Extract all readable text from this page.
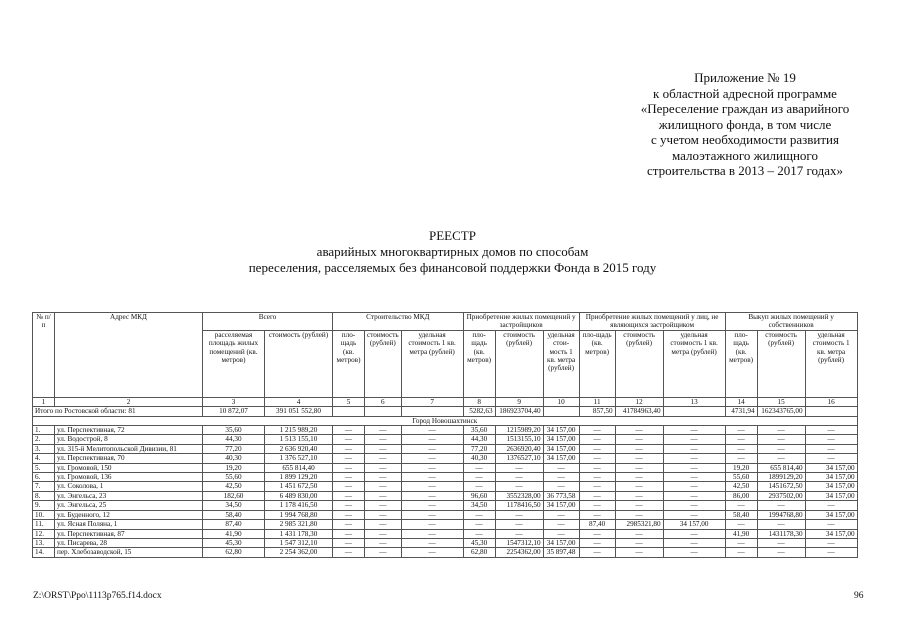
Приложение № 19
к областной адресной программе
«Переселение граждан из аварийного
жилищного фонда, в том числе
с учетом необходимости развития
малоэтажного жилищного
строительства в 2013 – 2017 годах»
РЕЕСТР
аварийных многоквартирных домов по способам
переселения, расселяемых без финансовой поддержки Фонда в 2015 году
№ п/п	Адрес МКД	Всего		Строительство МКД			Приобретение жилых помещений у застройщиков			Приобретение жилых помещений у лиц, не являющихся застройщиком			Выкуп жилых помещений у собственников		
		расселяемая площадь жилых помещений (кв. метров)	стоимость (рублей)	пло-щадь (кв. метров)	стоимость (рублей)	удельная стоимость 1 кв. метра (рублей)	пло-щадь (кв. метров)	стоимость (рублей)	удельная стои-мость 1 кв. метра (рублей)	пло-щадь (кв. метров)	стоимость (рублей)	удельная стоимость 1 кв. метра (рублей)	пло-щадь (кв. метров)	стоимость (рублей)	удельная стоимость 1 кв. метра (рублей)
1	2	3	4	5	6	7	8	9	10	11	12	13	14	15	16
Итого по Ростовской области: 81		10 872,07	391 051 552,80				5282,63	186923704,40		857,50	41784963,40		4731,94	162343765,00	
Город Новошахтинск															
1.	ул. Перспективная, 72	35,60	1 215 989,20	—	—	—	35,60	1215989,20	34 157,00	—	—	—	—	—	—
2.	ул. Водострой, 8	44,30	1 513 155,10	—	—	—	44,30	1513155,10	34 157,00	—	—	—	—	—	—
3.	ул. 315-й Мелитопольской Дивизии, 81	77,20	2 636 920,40	—	—	—	77,20	2636920,40	34 157,00	—	—	—	—	—	—
4.	ул. Перспективная, 70	40,30	1 376 527,10	—	—	—	40,30	1376527,10	34 157,00	—	—	—	—	—	—
5.	ул. Громовой, 150	19,20	655 814,40	—	—	—	—	—	—	—	—	—	19,20	655 814,40	34 157,00
6.	ул. Громовой, 136	55,60	1 899 129,20	—	—	—	—	—	—	—	—	—	55,60	1899129,20	34 157,00
7.	ул. Соколова, 1	42,50	1 451 672,50	—	—	—	—	—	—	—	—	—	42,50	1451672,50	34 157,00
8.	ул. Энгельса, 23	182,60	6 489 830,00	—	—	—	96,60	3552328,00	36 773,58	—	—	—	86,00	2937502,00	34 157,00
9.	ул. Энгельса, 25	34,50	1 178 416,50	—	—	—	34,50	1178416,50	34 157,00	—	—	—	—	—	—
10.	ул. Буденного, 12	58,40	1 994 768,80	—	—	—	—	—	—	—	—	—	58,40	1994768,80	34 157,00
11.	ул. Ясная Поляна, 1	87,40	2 985 321,80	—	—	—	—	—	—	87,40	2985321,80	34 157,00	—	—	—
12.	ул. Перспективная, 87	41,90	1 431 178,30	—	—	—	—	—	—	—	—	—	41,90	1431178,30	34 157,00
13.	ул. Писарева, 28	45,30	1 547 312,10	—	—	—	45,30	1547312,10	34 157,00	—	—	—	—	—	—
14.	пер. Хлебозаводской, 15	62,80	2 254 362,00	—	—	—	62,80	2254362,00	35 897,48	—	—	—	—	—	—
Z:\ORST\Ppo\1113p765.f14.docx	96
